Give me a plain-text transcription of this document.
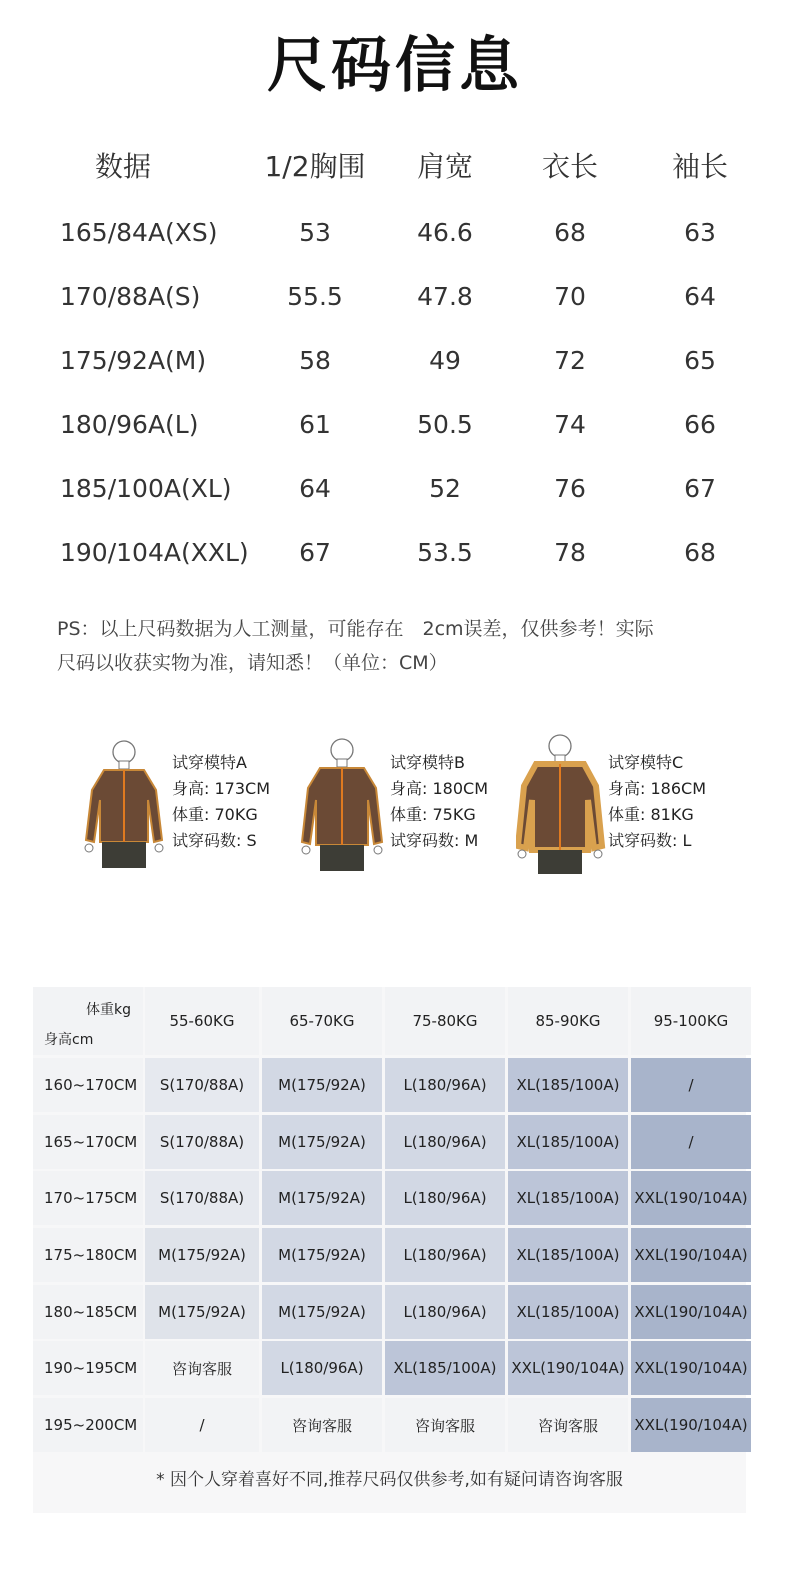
尺码信息
数据	1/2胸围	肩宽	衣长	袖长
165/84A(XS)	53	46.6	68	63
170/88A(S)	55.5	47.8	70	64
175/92A(M)	58	49	72	65
180/96A(L)	61	50.5	74	66
185/100A(XL)	64	52	76	67
190/104A(XXL)	67	53.5	78	68
PS：以上尺码数据为人工测量，可能存在　2cm误差，仅供参考！实际
尺码以收获实物为准，请知悉！（单位：CM）
试穿模特A
身高: 173CM
体重: 70KG
试穿码数: S
试穿模特B
身高: 180CM
体重: 75KG
试穿码数: M
试穿模特C
身高: 186CM
体重: 81KG
试穿码数: L
体重kg
身高cm
55-60KG	65-70KG	75-80KG	85-90KG	95-100KG
160~170CM	S(170/88A)	M(175/92A)	L(180/96A)	XL(185/100A)	/
165~170CM	S(170/88A)	M(175/92A)	L(180/96A)	XL(185/100A)	/
170~175CM	S(170/88A)	M(175/92A)	L(180/96A)	XL(185/100A) XXL(190/104A)
175~180CM	M(175/92A)	M(175/92A)	L(180/96A)	XL(185/100A) XXL(190/104A)
180~185CM	M(175/92A)	M(175/92A)	L(180/96A)	XL(185/100A) XXL(190/104A)
190~195CM	咨询客服	L(180/96A)	XL(185/100A) XXL(190/104A) XXL(190/104A)
195~200CM	/	咨询客服	咨询客服	咨询客服	XXL(190/104A)
* 因个人穿着喜好不同,推荐尺码仅供参考,如有疑问请咨询客服
